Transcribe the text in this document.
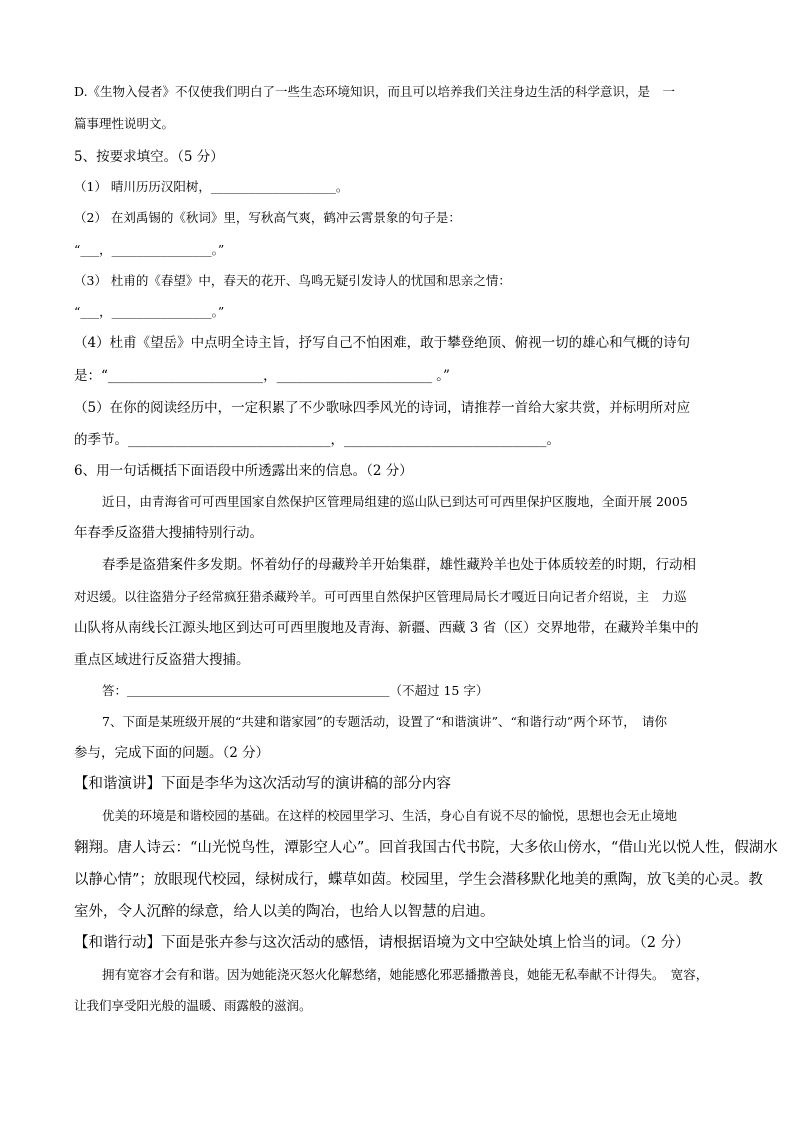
D.《生物入侵者》不仅使我们明白了一些生态环境知识，而且可以培养我们关注身边生活的科学意识，是　一
篇事理性说明文。
5、按要求填空。（5 分）
（1） 晴川历历汉阳树，____________________。
（2） 在刘禹锡的《秋词》里，写秋高气爽，鹤冲云霄景象的句子是：
“___，________________。”
（3） 杜甫的《春望》中，春天的花开、鸟鸣无疑引发诗人的忧国和思亲之情：
“___，________________。”
（4）杜甫《望岳》中点明全诗主旨，抒写自己不怕困难，敢于攀登绝顶、俯视一切的雄心和气概的诗句
是：“_______________________，_______________________ 。”
（5）在你的阅读经历中，一定积累了不少歌咏四季风光的诗词，请推荐一首给大家共赏，并标明所对应
的季节。______________________________，______________________________。
6、用一句话概括下面语段中所透露出来的信息。（2 分）
近日，由青海省可可西里国家自然保护区管理局组建的巡山队已到达可可西里保护区腹地，全面开展 2005
年春季反盗猎大搜捕特别行动。
春季是盗猎案件多发期。怀着幼仔的母藏羚羊开始集群，雄性藏羚羊也处于体质较差的时期，行动相
对迟缓。以往盗猎分子经常疯狂猎杀藏羚羊。可可西里自然保护区管理局局长才嘎近日向记者介绍说，主　力巡
山队将从南线长江源头地区到达可可西里腹地及青海、新疆、西藏 3 省（区）交界地带，在藏羚羊集中的
重点区域进行反盗猎大搜捕。
答：＿＿＿＿＿＿＿＿＿＿＿＿＿＿＿＿＿＿＿＿＿（不超过 15 字）
7、下面是某班级开展的“共建和谐家园”的专题活动，设置了“和谐演讲”、“和谐行动”两个环节，　请你
参与，完成下面的问题。（2 分）
【和谐演讲】下面是李华为这次活动写的演讲稿的部分内容
优美的环境是和谐校园的基础。在这样的校园里学习、生活，身心自有说不尽的愉悦，思想也会无止境地
翱翔。唐人诗云：“山光悦鸟性，潭影空人心”。回首我国古代书院，大多依山傍水，“借山光以悦人性，假湖水
以静心情”；放眼现代校园，绿树成行，蝶草如茵。校园里，学生会潜移默化地美的熏陶，放飞美的心灵。教
室外，令人沉醉的绿意，给人以美的陶冶，也给人以智慧的启迪。
【和谐行动】下面是张卉参与这次活动的感悟，请根据语境为文中空缺处填上恰当的词。（2 分）
拥有宽容才会有和谐。因为她能浇灭怒火化解愁绪，她能感化邪恶播撒善良，她能无私奉献不计得失。　宽容，
让我们享受阳光般的温暖、雨露般的滋润。
